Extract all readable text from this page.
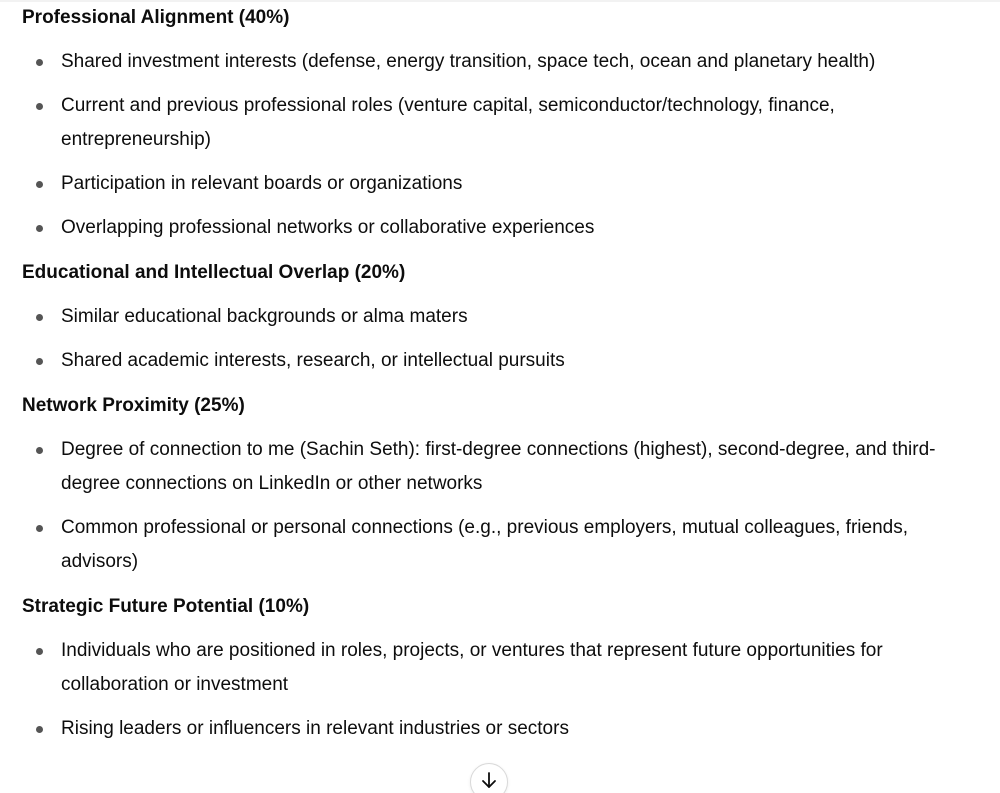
Professional Alignment (40%)
Shared investment interests (defense, energy transition, space tech, ocean and planetary health)
Current and previous professional roles (venture capital, semiconductor/technology, finance, entrepreneurship)
Participation in relevant boards or organizations
Overlapping professional networks or collaborative experiences
Educational and Intellectual Overlap (20%)
Similar educational backgrounds or alma maters
Shared academic interests, research, or intellectual pursuits
Network Proximity (25%)
Degree of connection to me (Sachin Seth): first-degree connections (highest), second-degree, and third-degree connections on LinkedIn or other networks
Common professional or personal connections (e.g., previous employers, mutual colleagues, friends, advisors)
Strategic Future Potential (10%)
Individuals who are positioned in roles, projects, or ventures that represent future opportunities for collaboration or investment
Rising leaders or influencers in relevant industries or sectors
